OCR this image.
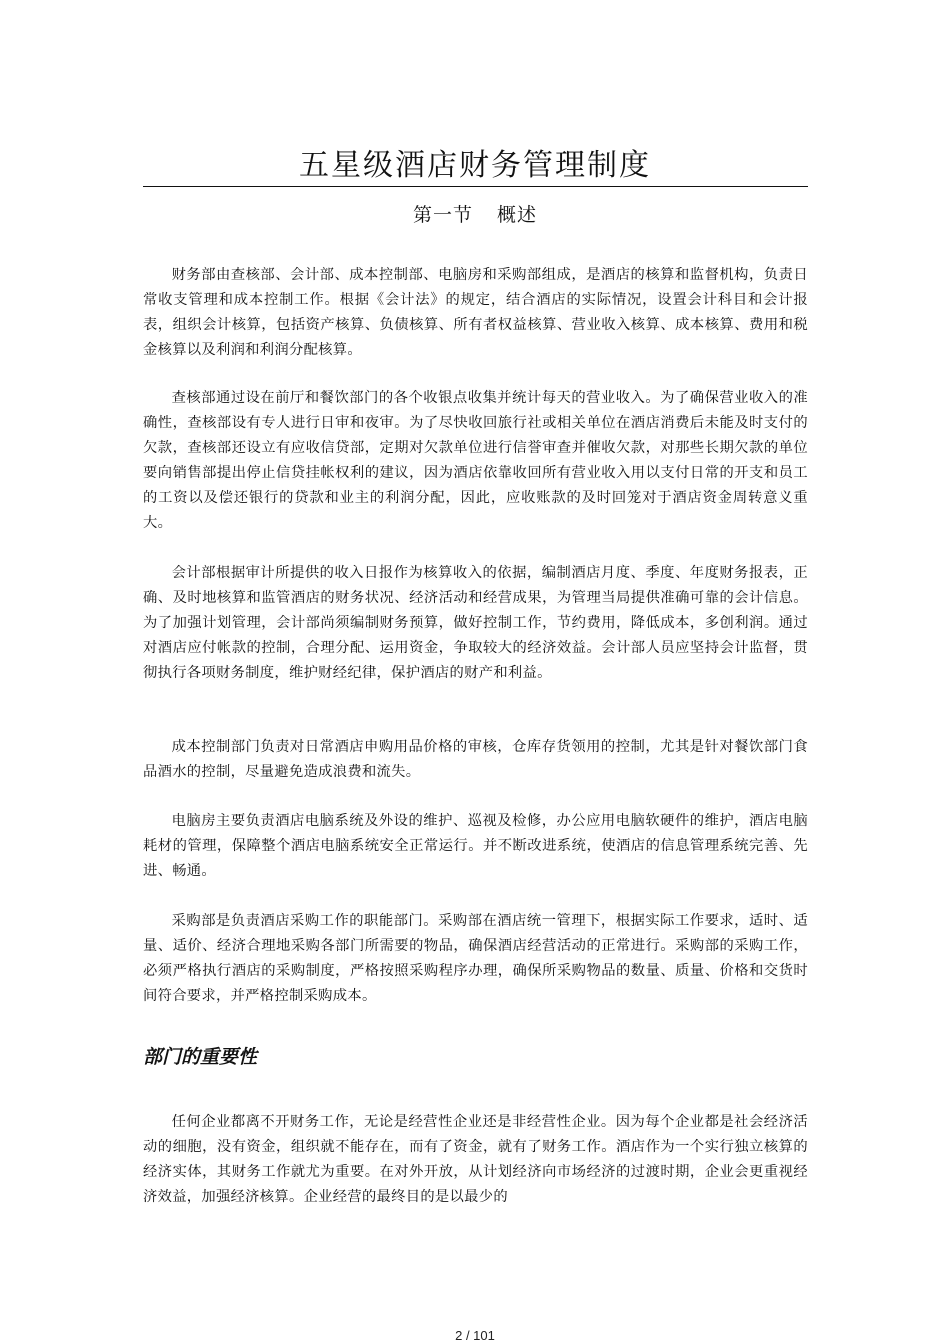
五星级酒店财务管理制度
第一节 概述

财务部由查核部、会计部、成本控制部、电脑房和采购部组成，是酒店的核算和监督机构，负责日常收支管理和成本控制工作。根据《会计法》的规定，结合酒店的实际情况，设置会计科目和会计报表，组织会计核算，包括资产核算、负债核算、所有者权益核算、营业收入核算、成本核算、费用和税金核算以及利润和利润分配核算。

查核部通过设在前厅和餐饮部门的各个收银点收集并统计每天的营业收入。为了确保营业收入的准确性，查核部设有专人进行日审和夜审。为了尽快收回旅行社或相关单位在酒店消费后未能及时支付的欠款，查核部还设立有应收信贷部，定期对欠款单位进行信誉审查并催收欠款，对那些长期欠款的单位要向销售部提出停止信贷挂帐权利的建议，因为酒店依靠收回所有营业收入用以支付日常的开支和员工的工资以及偿还银行的贷款和业主的利润分配，因此，应收账款的及时回笼对于酒店资金周转意义重大。

会计部根据审计所提供的收入日报作为核算收入的依据，编制酒店月度、季度、年度财务报表，正确、及时地核算和监管酒店的财务状况、经济活动和经营成果，为管理当局提供准确可靠的会计信息。为了加强计划管理，会计部尚须编制财务预算，做好控制工作，节约费用，降低成本，多创利润。通过对酒店应付帐款的控制，合理分配、运用资金，争取较大的经济效益。会计部人员应坚持会计监督，贯彻执行各项财务制度，维护财经纪律，保护酒店的财产和利益。

成本控制部门负责对日常酒店申购用品价格的审核，仓库存货领用的控制，尤其是针对餐饮部门食品酒水的控制，尽量避免造成浪费和流失。

电脑房主要负责酒店电脑系统及外设的维护、巡视及检修，办公应用电脑软硬件的维护，酒店电脑耗材的管理，保障整个酒店电脑系统安全正常运行。并不断改进系统，使酒店的信息管理系统完善、先进、畅通。

采购部是负责酒店采购工作的职能部门。采购部在酒店统一管理下，根据实际工作要求，适时、适量、适价、经济合理地采购各部门所需要的物品，确保酒店经营活动的正常进行。采购部的采购工作，必须严格执行酒店的采购制度，严格按照采购程序办理，确保所采购物品的数量、质量、价格和交货时间符合要求，并严格控制采购成本。

部门的重要性

任何企业都离不开财务工作，无论是经营性企业还是非经营性企业。因为每个企业都是社会经济活动的细胞，没有资金，组织就不能存在，而有了资金，就有了财务工作。酒店作为一个实行独立核算的经济实体，其财务工作就尤为重要。在对外开放，从计划经济向市场经济的过渡时期，企业会更重视经济效益，加强经济核算。企业经营的最终目的是以最少的

2 / 101
